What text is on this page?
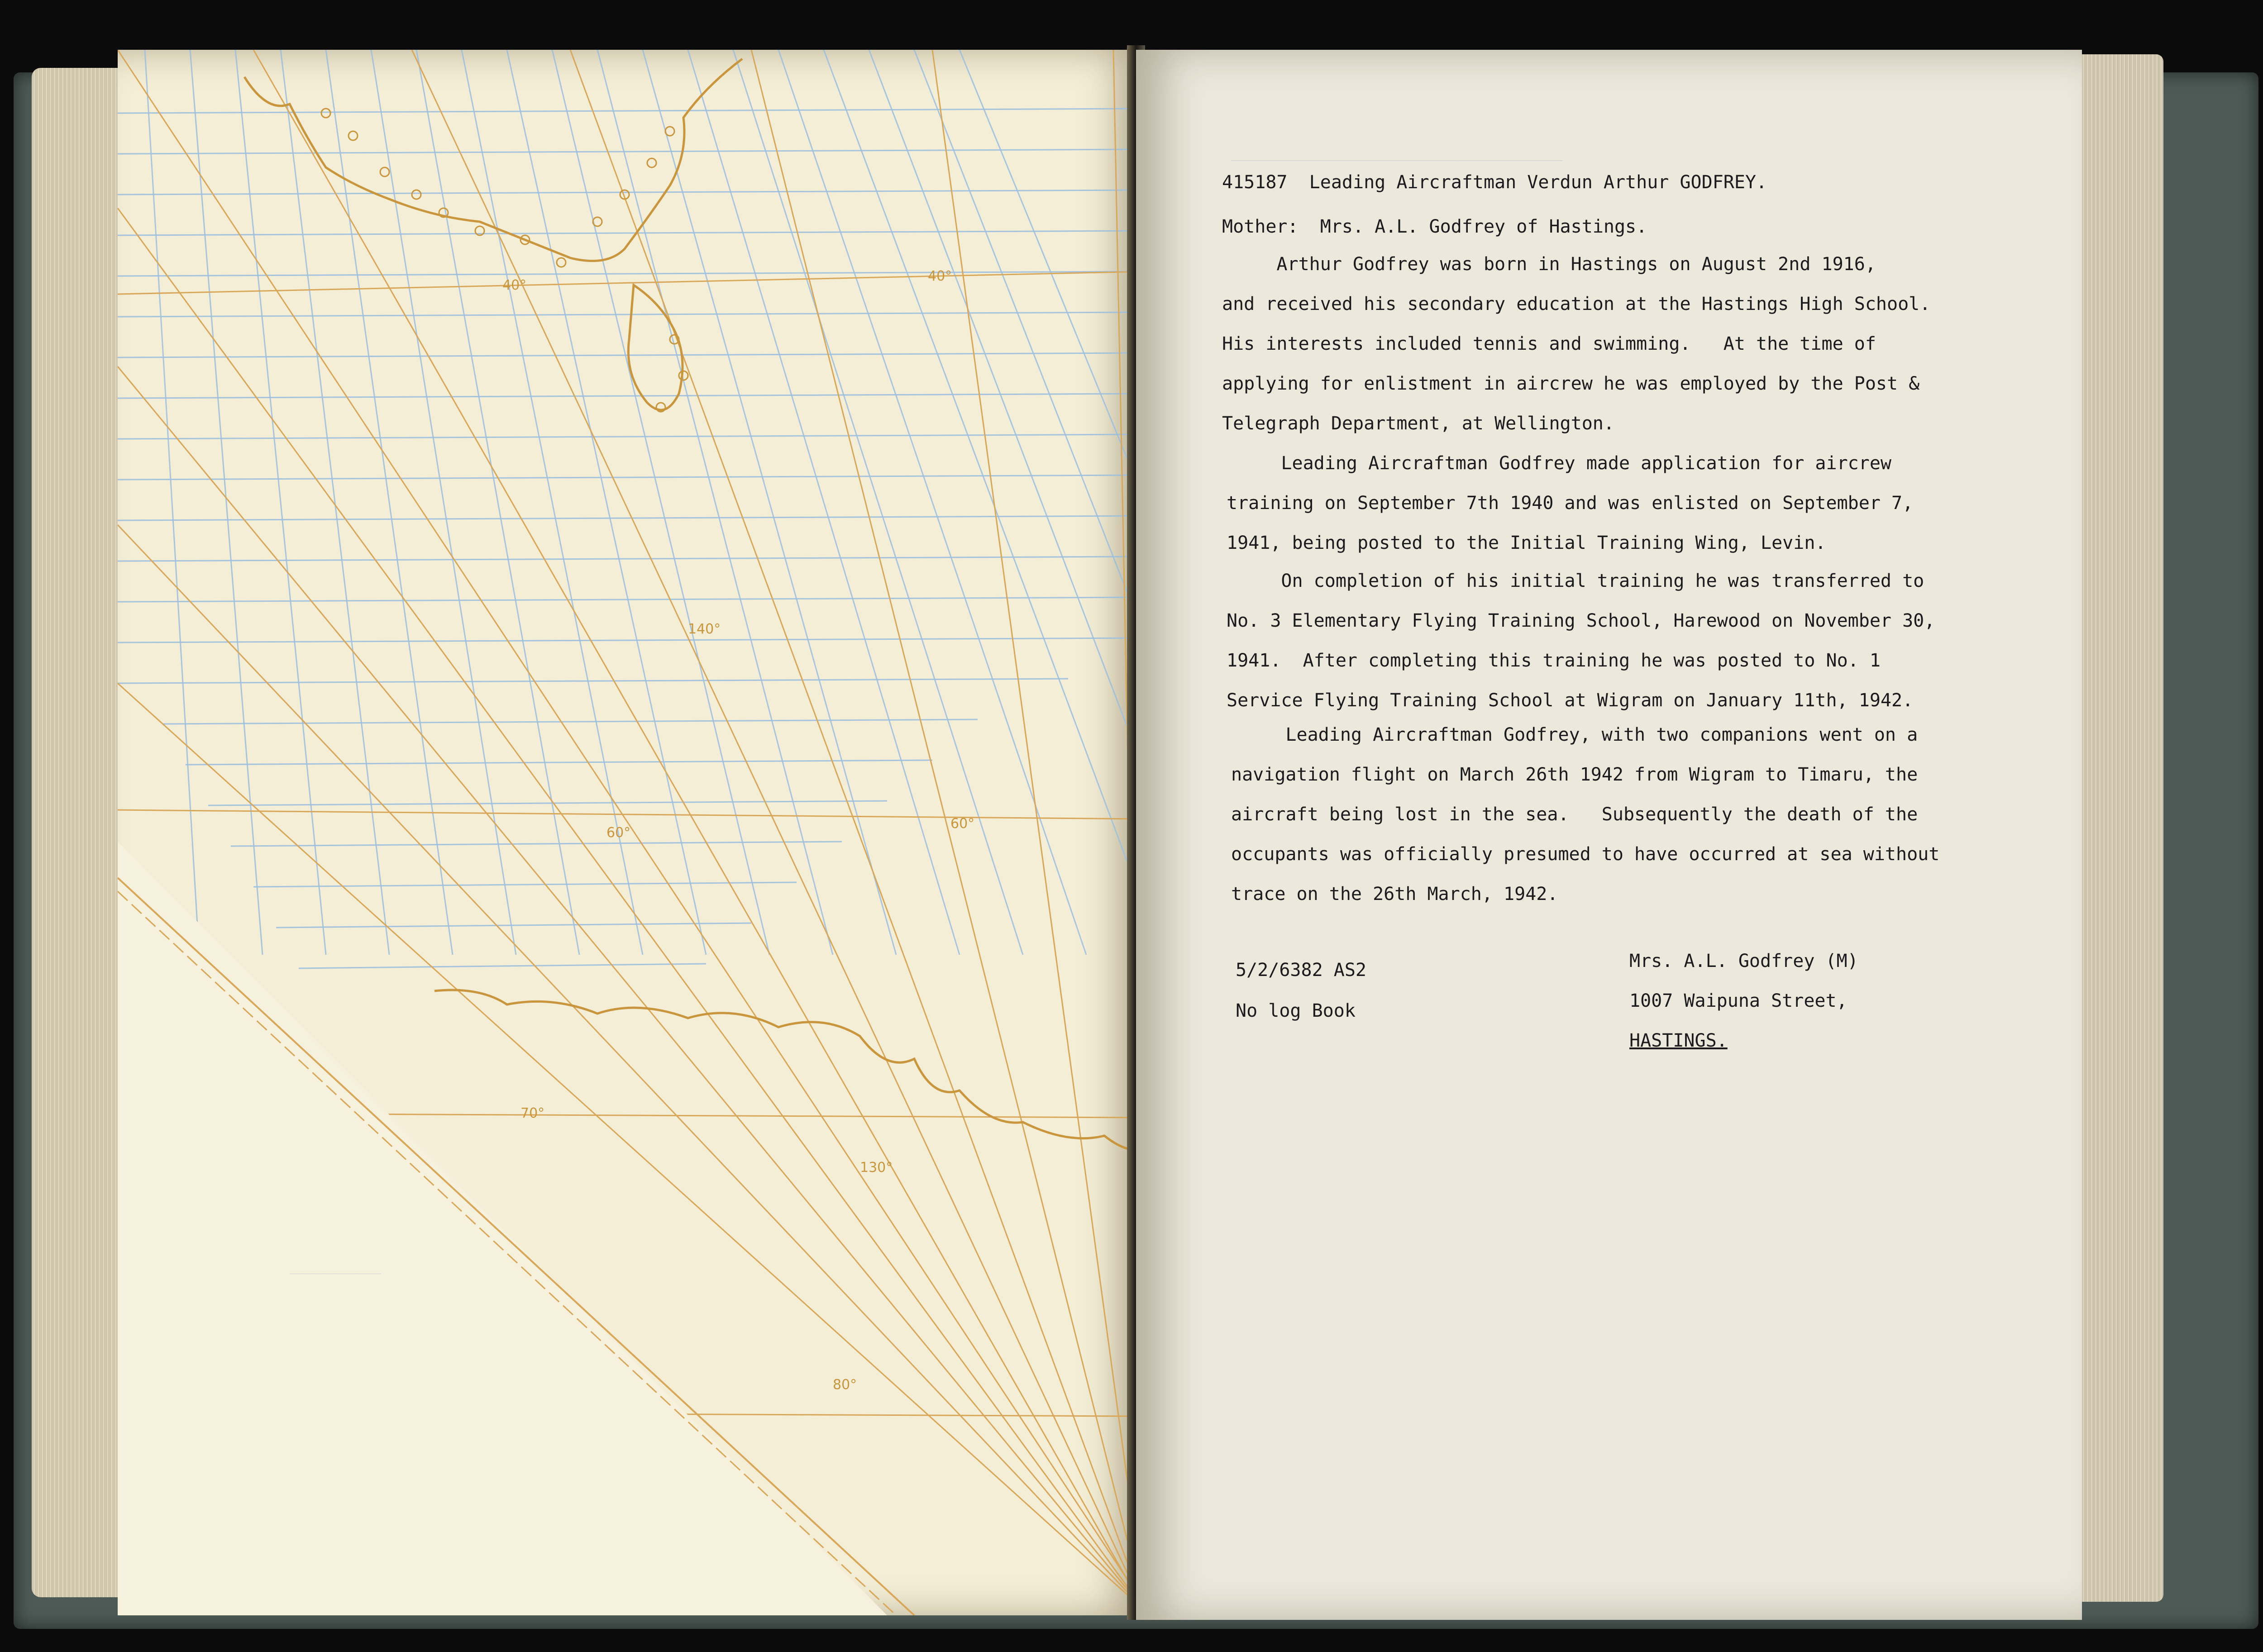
40°
40°
140°
60°
60°
70°
130°
80°

________

________________________________
415187  Leading Aircraftman Verdun Arthur GODFREY.
Mother:  Mrs. A.L. Godfrey of Hastings.
Arthur Godfrey was born in Hastings on August 2nd 1916,
and received his secondary education at the Hastings High School.
His interests included tennis and swimming.   At the time of
applying for enlistment in aircrew he was employed by the Post &
Telegraph Department, at Wellington.
Leading Aircraftman Godfrey made application for aircrew
training on September 7th 1940 and was enlisted on September 7,
1941, being posted to the Initial Training Wing, Levin.
On completion of his initial training he was transferred to
No. 3 Elementary Flying Training School, Harewood on November 30,
1941.  After completing this training he was posted to No. 1
Service Flying Training School at Wigram on January 11th, 1942.
Leading Aircraftman Godfrey, with two companions went on a
navigation flight on March 26th 1942 from Wigram to Timaru, the
aircraft being lost in the sea.   Subsequently the death of the
occupants was officially presumed to have occurred at sea without
trace on the 26th March, 1942.
5/2/6382 AS2
No log Book
Mrs. A.L. Godfrey (M)
1007 Waipuna Street,
HASTINGS.
